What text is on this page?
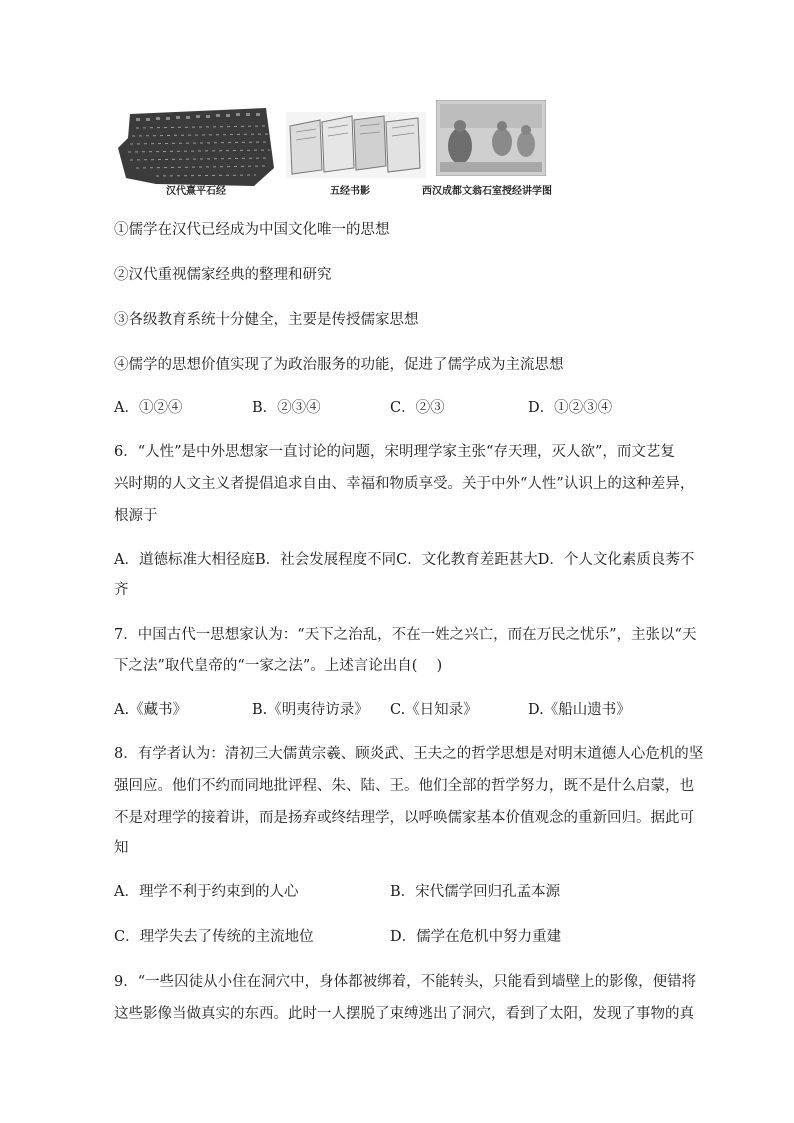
汉代熹平石经	五经书影	西汉成都文翁石室授经讲学图
①儒学在汉代已经成为中国文化唯一的思想
②汉代重视儒家经典的整理和研究
③各级教育系统十分健全，主要是传授儒家思想
④儒学的思想价值实现了为政治服务的功能，促进了儒学成为主流思想
A．①②④	B．②③④	C．②③	D．①②③④
6．“人性”是中外思想家一直讨论的问题，宋明理学家主张“存天理，灭人欲”，而文艺复
兴时期的人文主义者提倡追求自由、幸福和物质享受。关于中外“人性”认识上的这种差异，
根源于
A．道德标准大相径庭B．社会发展程度不同C．文化教育差距甚大D．个人文化素质良莠不
齐
7．中国古代一思想家认为：“天下之治乱，不在一姓之兴亡，而在万民之忧乐”，主张以“天
下之法”取代皇帝的“一家之法”。上述言论出自(　 )
A.《藏书》	B.《明夷待访录》 C.《日知录》	D.《船山遗书》
8．有学者认为：清初三大儒黄宗羲、顾炎武、王夫之的哲学思想是对明末道德人心危机的坚
强回应。他们不约而同地批评程、朱、陆、王。他们全部的哲学努力，既不是什么启蒙，也
不是对理学的接着讲，而是扬弃或终结理学，以呼唤儒家基本价值观念的重新回归。据此可
知
A．理学不利于约束到的人心	B．宋代儒学回归孔孟本源
C．理学失去了传统的主流地位	D．儒学在危机中努力重建
9．“一些囚徒从小住在洞穴中，身体都被绑着，不能转头，只能看到墙壁上的影像，便错将
这些影像当做真实的东西。此时一人摆脱了束缚逃出了洞穴，看到了太阳，发现了事物的真
